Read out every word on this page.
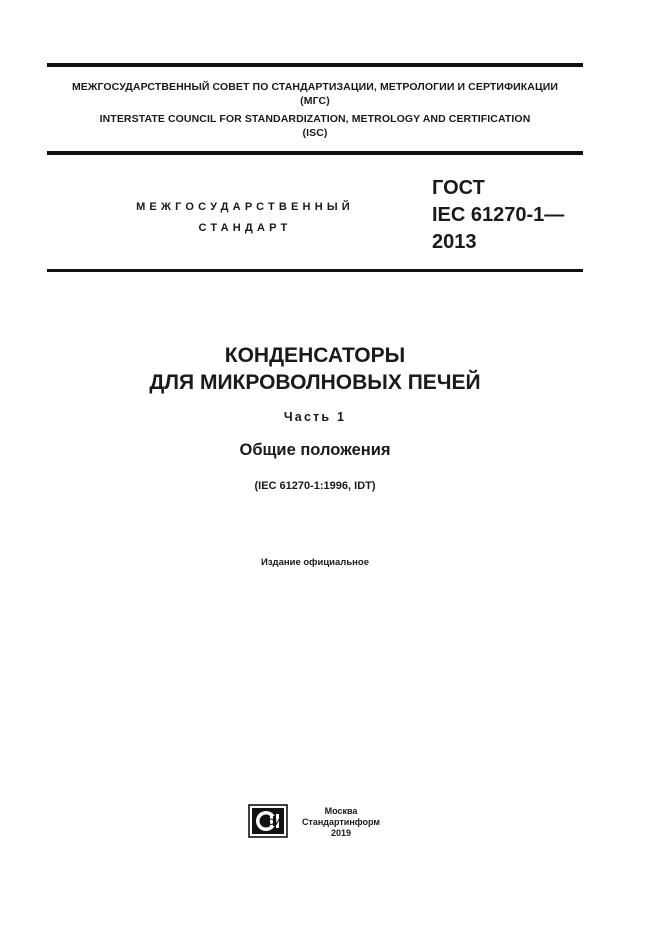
МЕЖГОСУДАРСТВЕННЫЙ СОВЕТ ПО СТАНДАРТИЗАЦИИ, МЕТРОЛОГИИ И СЕРТИФИКАЦИИ
(МГС)
INTERSTATE COUNCIL FOR STANDARDIZATION, METROLOGY AND CERTIFICATION
(ISC)
МЕЖГОСУДАРСТВЕННЫЙ
СТАНДАРТ
ГОСТ
IEC 61270-1—
2013
КОНДЕНСАТОРЫ
ДЛЯ МИКРОВОЛНОВЫХ ПЕЧЕЙ
Часть 1
Общие положения
(IEC 61270-1:1996, IDT)
Издание официальное
СИ
Москва
Стандартинформ
2019
